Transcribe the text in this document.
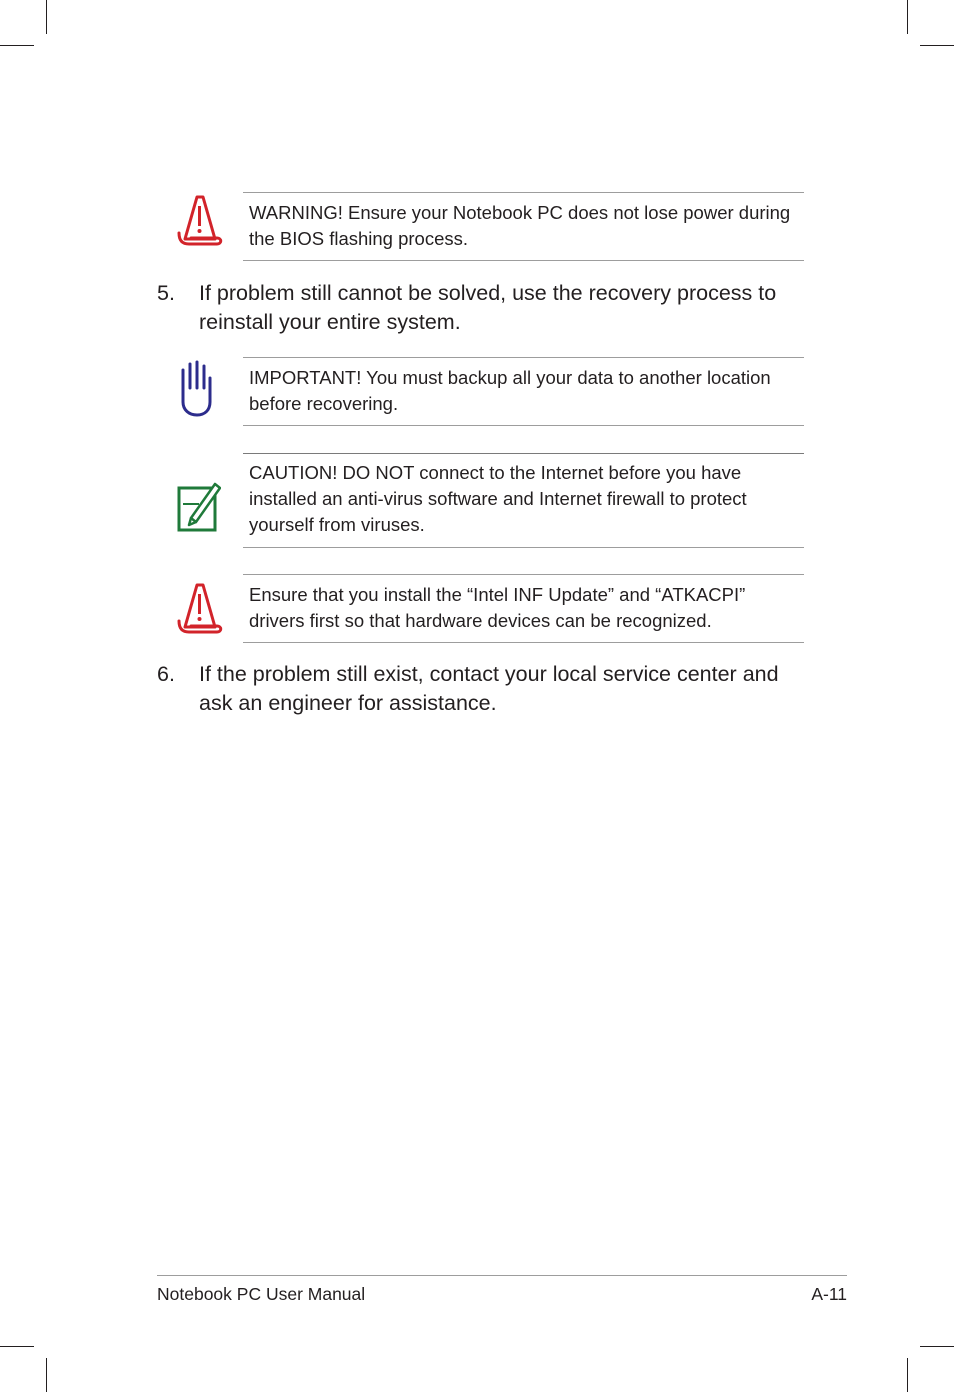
WARNING! Ensure your Notebook PC does not lose power during the BIOS flashing process.

5. If problem still cannot be solved, use the recovery process to reinstall your entire system.

IMPORTANT! You must backup all your data to another location before recovering.

CAUTION! DO NOT connect to the Internet before you have installed an anti-virus software and Internet firewall to protect yourself from viruses.

Ensure that you install the “Intel INF Update” and “ATKACPI” drivers first so that hardware devices can be recognized.

6. If the problem still exist, contact your local service center and ask an engineer for assistance.

Notebook PC User Manual	A-11
